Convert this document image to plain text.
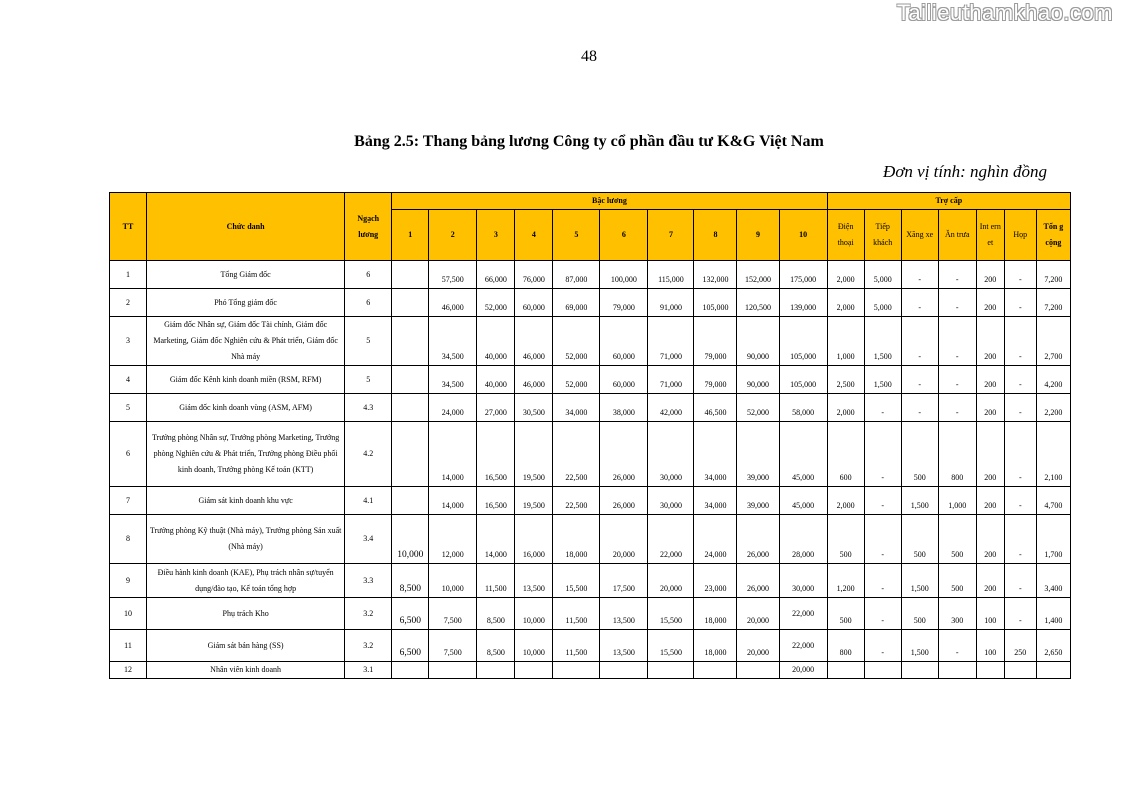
Tailieuthamkhao.com
48
Bảng 2.5: Thang bảng lương Công ty cổ phần đầu tư K&G Việt Nam
Đơn vị tính: nghìn đồng
TT	Chức danh	Ngạch lương	Bậc lương										Trợ cấp						
			1	2	3	4	5	6	7	8	9	10	Điện thoại	Tiếp khách	Xăng xe	Ăn trưa	Int ern et	Họp	Tổn g cộng
1	Tổng Giám đốc	6		57,500	66,000	76,000	87,000	100,000	115,000	132,000	152,000	175,000	2,000	5,000	-	-	200	-	7,200
2	Phó Tổng giám đốc	6		46,000	52,000	60,000	69,000	79,000	91,000	105,000	120,500	139,000	2,000	5,000	-	-	200	-	7,200
3	Giám đốc Nhân sự, Giám đốc Tài chính, Giám đốc Marketing, Giám đốc Nghiên cứu & Phát triển, Giám đốc Nhà máy	5		34,500	40,000	46,000	52,000	60,000	71,000	79,000	90,000	105,000	1,000	1,500	-	-	200	-	2,700
4	Giám đốc Kênh kinh doanh miền (RSM, RFM)	5		34,500	40,000	46,000	52,000	60,000	71,000	79,000	90,000	105,000	2,500	1,500	-	-	200	-	4,200
5	Giám đốc kinh doanh vùng (ASM, AFM)	4.3		24,000	27,000	30,500	34,000	38,000	42,000	46,500	52,000	58,000	2,000	-	-	-	200	-	2,200
6	Trưởng phòng Nhân sự, Trưởng phòng Marketing, Trưởng phòng Nghiên cứu & Phát triển, Trưởng phòng Điều phối kinh doanh, Trưởng phòng Kế toán (KTT)	4.2		14,000	16,500	19,500	22,500	26,000	30,000	34,000	39,000	45,000	600	-	500	800	200	-	2,100
7	Giám sát kinh doanh khu vực	4.1		14,000	16,500	19,500	22,500	26,000	30,000	34,000	39,000	45,000	2,000	-	1,500	1,000	200	-	4,700
8	Trưởng phòng Kỹ thuật (Nhà máy), Trưởng phòng Sản xuất (Nhà máy)	3.4	10,000	12,000	14,000	16,000	18,000	20,000	22,000	24,000	26,000	28,000	500	-	500	500	200	-	1,700
9	Điều hành kinh doanh (KAE), Phụ trách nhân sự/tuyển dụng/đào tạo, Kế toán tổng hợp	3.3	8,500	10,000	11,500	13,500	15,500	17,500	20,000	23,000	26,000	30,000	1,200	-	1,500	500	200	-	3,400
10	Phụ trách Kho	3.2	6,500	7,500	8,500	10,000	11,500	13,500	15,500	18,000	20,000	22,000	500	-	500	300	100	-	1,400
11	Giám sát bán hàng (SS)	3.2	6,500	7,500	8,500	10,000	11,500	13,500	15,500	18,000	20,000	22,000	800	-	1,500	-	100	250	2,650
12	Nhân viên kinh doanh	3.1										20,000							
